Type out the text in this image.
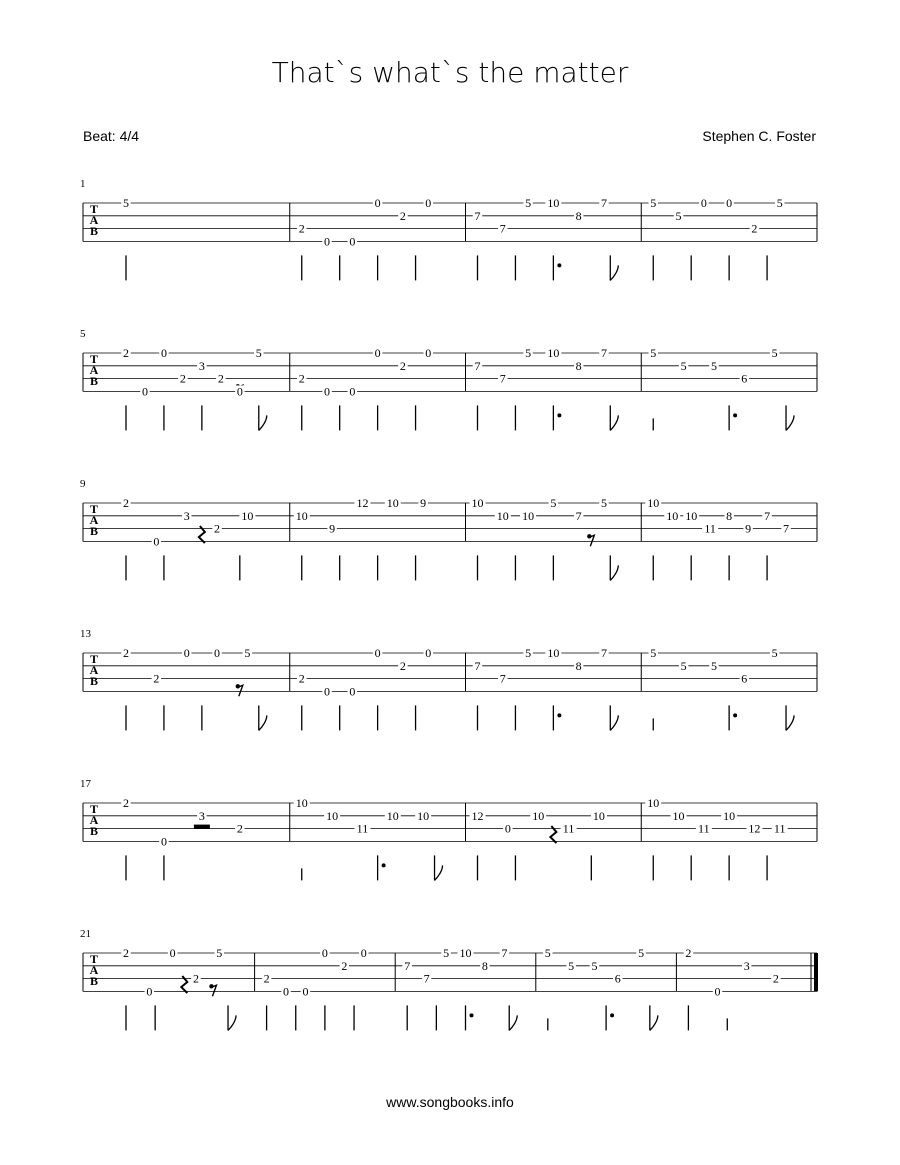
That`s what`s the matter
Beat: 4/4	Stephen C. Foster
1
T
A
B
5
2
0 0
0
2
0
7
7
5 10
8
7	5
5
0 0
2
5
5
T
A
B
2
0
0
2
3
2
0
5
2
0 0
0
2
0
7
7
5 10
8
7	5
5 5
6
5
9
T
A
B
2
0
3
2
10	10
9
12 10 9	10
10 10
5
7
5	10
10 10
11
8
9
7
7
13
T
A
B
2
2
0 0 5
2
0 0
0
2
0
7
7
5 10
8
7	5
5 5
6
5
17
T
A
B
2
0
3
2
10
10
11
10 10	12
0
10
11
10
10
10
11
10
12 11
21
T
A
B
2
0
0
2
5
2
0 0
0
2
0
7
7
5 10
8
7	5
5 5
6
5	2
0
3
2
www.songbooks.info
